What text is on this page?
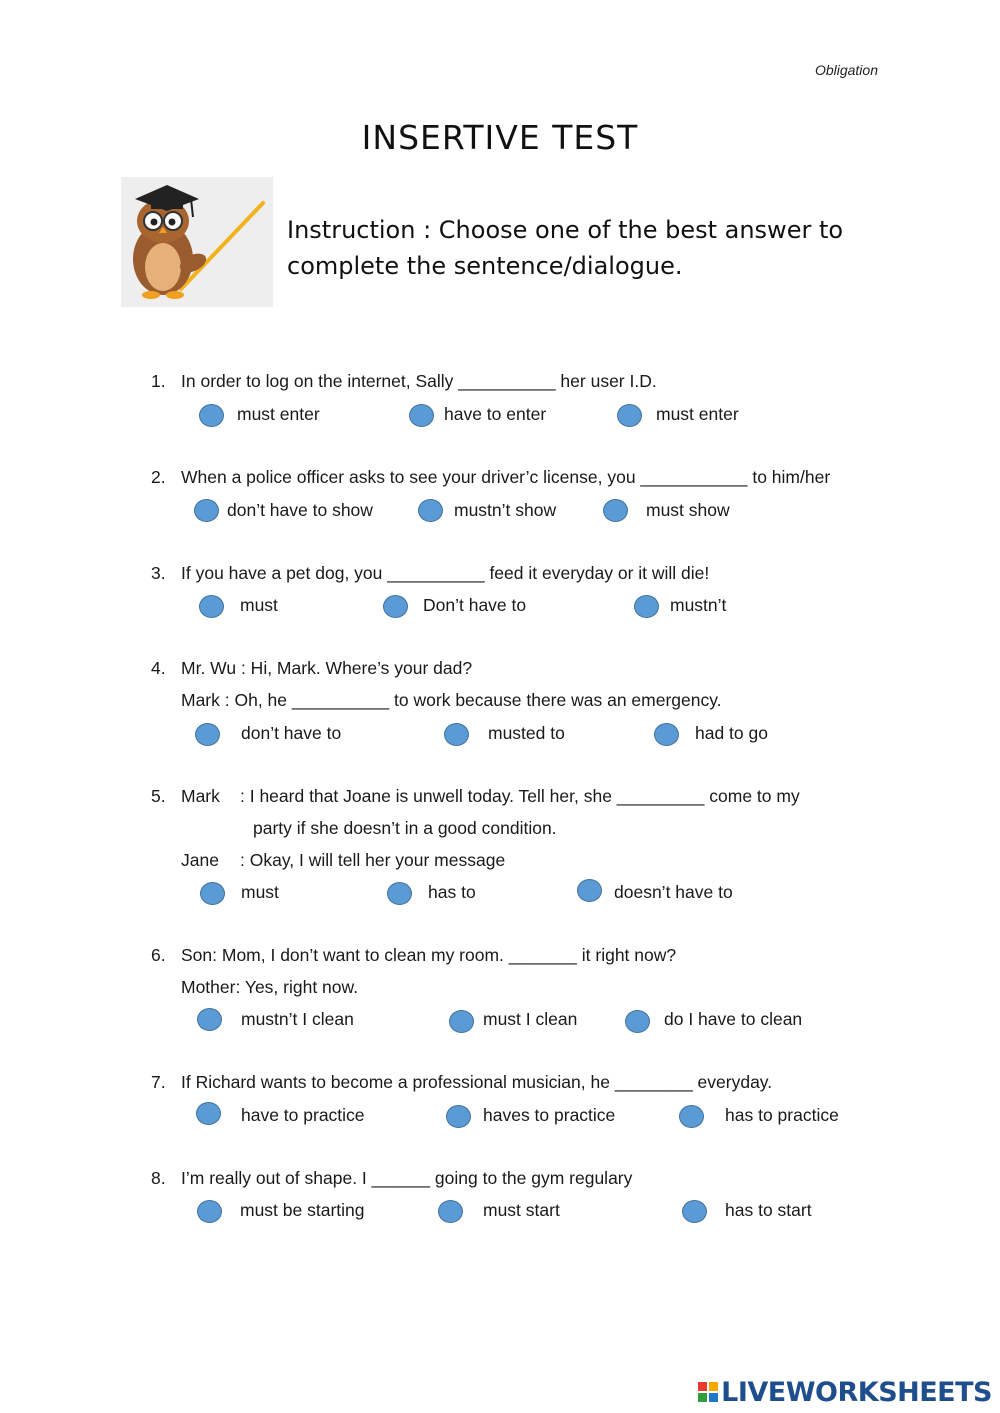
Obligation
INSERTIVE TEST
Instruction : Choose one of the best answer to
complete the sentence/dialogue.
1. In order to log on the internet, Sally __________ her user I.D.
must enter	have to enter	must enter
2. When a police officer asks to see your driver’c license, you ___________ to him/her
don’t have to show	mustn’t show	must show
3. If you have a pet dog, you __________ feed it everyday or it will die!
must	Don’t have to	mustn’t
4. Mr. Wu : Hi, Mark. Where’s your dad?
Mark : Oh, he __________ to work because there was an emergency.
don’t have to	musted to	had to go
5. Mark : I heard that Joane is unwell today. Tell her, she _________ come to my
party if she doesn’t in a good condition.
Jane : Okay, I will tell her your message
must	has to	doesn’t have to
6. Son: Mom, I don’t want to clean my room. _______ it right now?
Mother: Yes, right now.
mustn’t I clean	must I clean	do I have to clean
7. If Richard wants to become a professional musician, he ________ everyday.
have to practice	haves to practice	has to practice
8. I’m really out of shape. I ______ going to the gym regulary
must be starting	must start	has to start
LIVEWORKSHEETS
